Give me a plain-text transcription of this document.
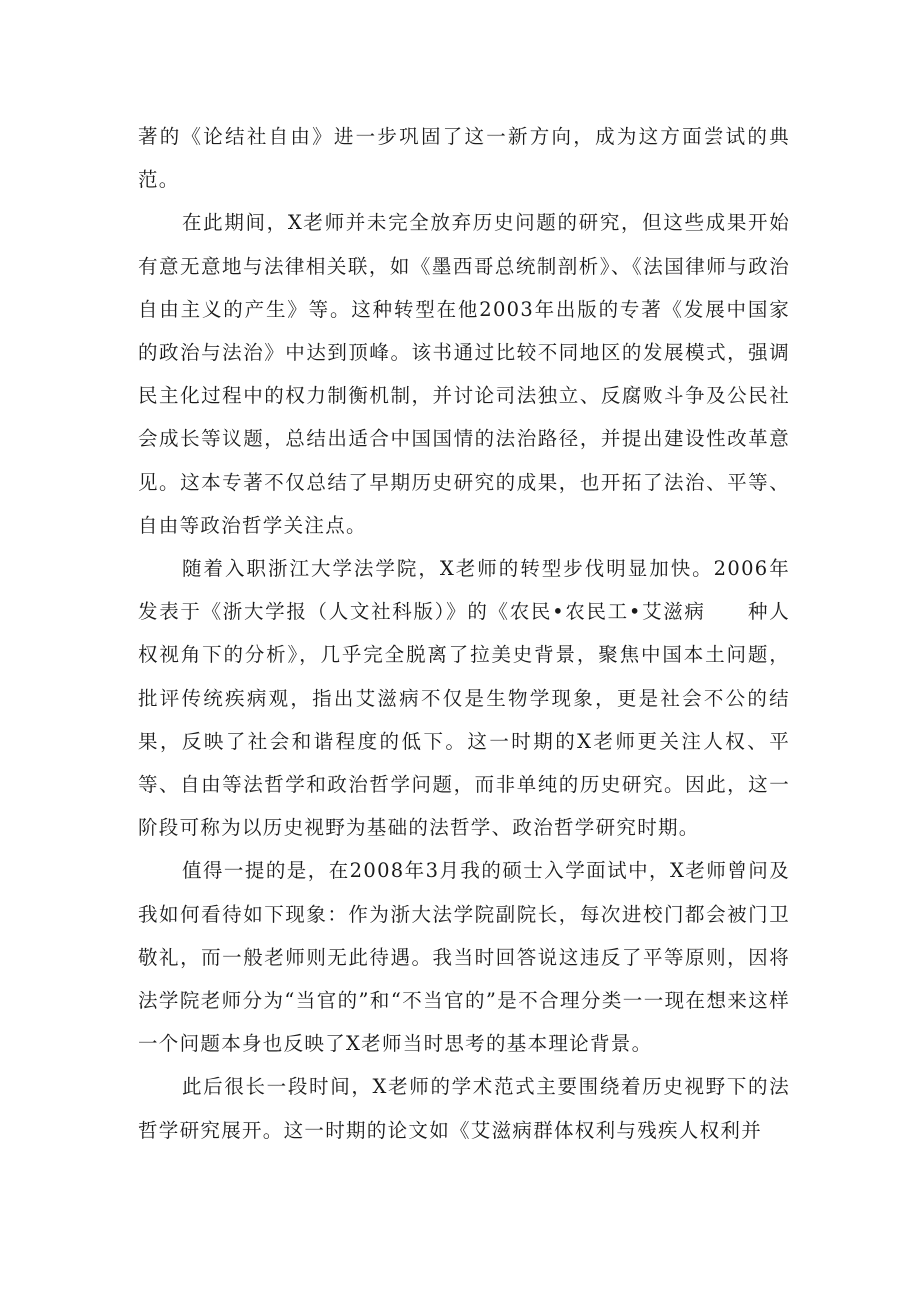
著的《论结社自由》进一步巩固了这一新方向，成为这方面尝试的典范。

在此期间，X老师并未完全放弃历史问题的研究，但这些成果开始有意无意地与法律相关联，如《墨西哥总统制剖析》、《法国律师与政治自由主义的产生》等。这种转型在他2003年出版的专著《发展中国家的政治与法治》中达到顶峰。该书通过比较不同地区的发展模式，强调民主化过程中的权力制衡机制，并讨论司法独立、反腐败斗争及公民社会成长等议题，总结出适合中国国情的法治路径，并提出建设性改革意见。这本专著不仅总结了早期历史研究的成果，也开拓了法治、平等、自由等政治哲学关注点。

随着入职浙江大学法学院，X老师的转型步伐明显加快。2006年发表于《浙大学报（人文社科版）》的《农民•农民工•艾滋病　　种人权视角下的分析》，几乎完全脱离了拉美史背景，聚焦中国本土问题，批评传统疾病观，指出艾滋病不仅是生物学现象，更是社会不公的结果，反映了社会和谐程度的低下。这一时期的X老师更关注人权、平等、自由等法哲学和政治哲学问题，而非单纯的历史研究。因此，这一阶段可称为以历史视野为基础的法哲学、政治哲学研究时期。

值得一提的是，在2008年3月我的硕士入学面试中，X老师曾问及我如何看待如下现象：作为浙大法学院副院长，每次进校门都会被门卫敬礼，而一般老师则无此待遇。我当时回答说这违反了平等原则，因将法学院老师分为“当官的”和“不当官的”是不合理分类一一现在想来这样一个问题本身也反映了X老师当时思考的基本理论背景。

此后很长一段时间，X老师的学术范式主要围绕着历史视野下的法哲学研究展开。这一时期的论文如《艾滋病群体权利与残疾人权利并
